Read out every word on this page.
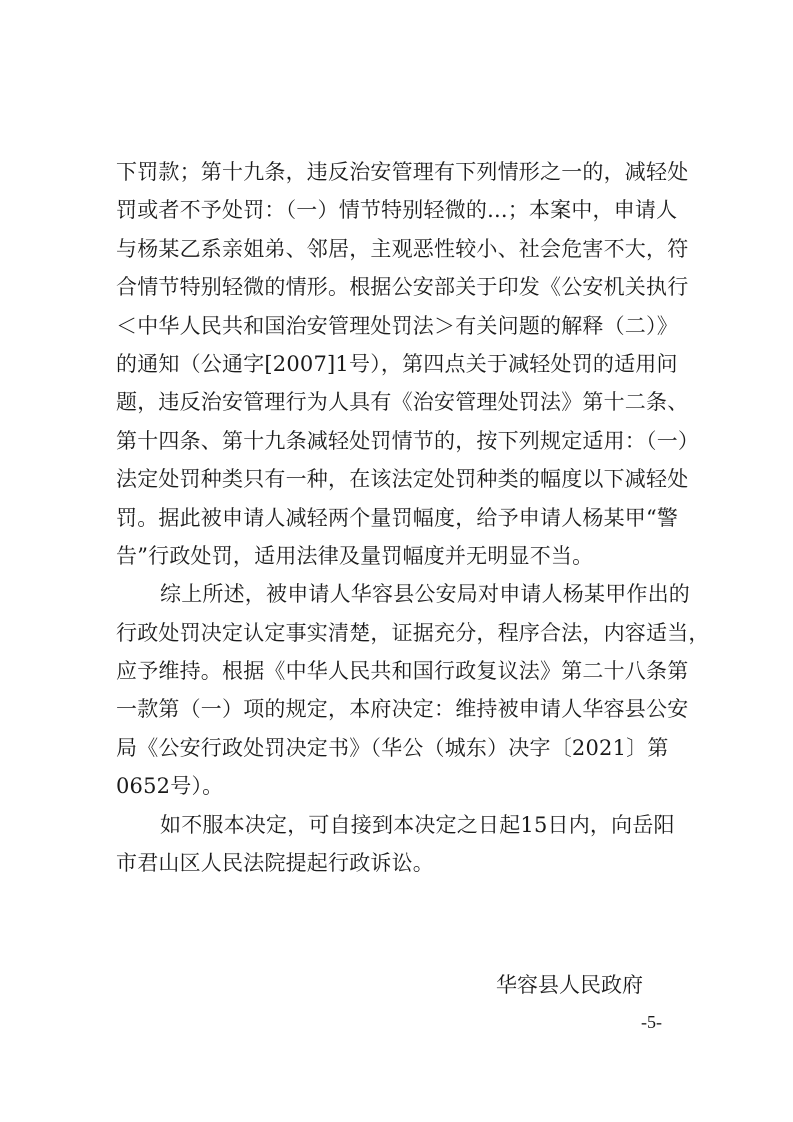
下罚款；第十九条，违反治安管理有下列情形之一的，减轻处
罚或者不予处罚：（一）情节特别轻微的...；本案中，申请人
与杨某乙系亲姐弟、邻居，主观恶性较小、社会危害不大，符
合情节特别轻微的情形。根据公安部关于印发《公安机关执行
＜中华人民共和国治安管理处罚法＞有关问题的解释（二）》
的通知（公通字[2007]1号），第四点关于减轻处罚的适用问
题，违反治安管理行为人具有《治安管理处罚法》第十二条、
第十四条、第十九条减轻处罚情节的，按下列规定适用：（一）
法定处罚种类只有一种，在该法定处罚种类的幅度以下减轻处
罚。据此被申请人减轻两个量罚幅度，给予申请人杨某甲“警
告”行政处罚，适用法律及量罚幅度并无明显不当。
综上所述，被申请人华容县公安局对申请人杨某甲作出的
行政处罚决定认定事实清楚，证据充分，程序合法，内容适当，
应予维持。根据《中华人民共和国行政复议法》第二十八条第
一款第（一）项的规定，本府决定：维持被申请人华容县公安
局《公安行政处罚决定书》（华公（城东）决字〔2021〕第
0652号）。
如不服本决定，可自接到本决定之日起15日内，向岳阳
市君山区人民法院提起行政诉讼。
华容县人民政府
-5-
